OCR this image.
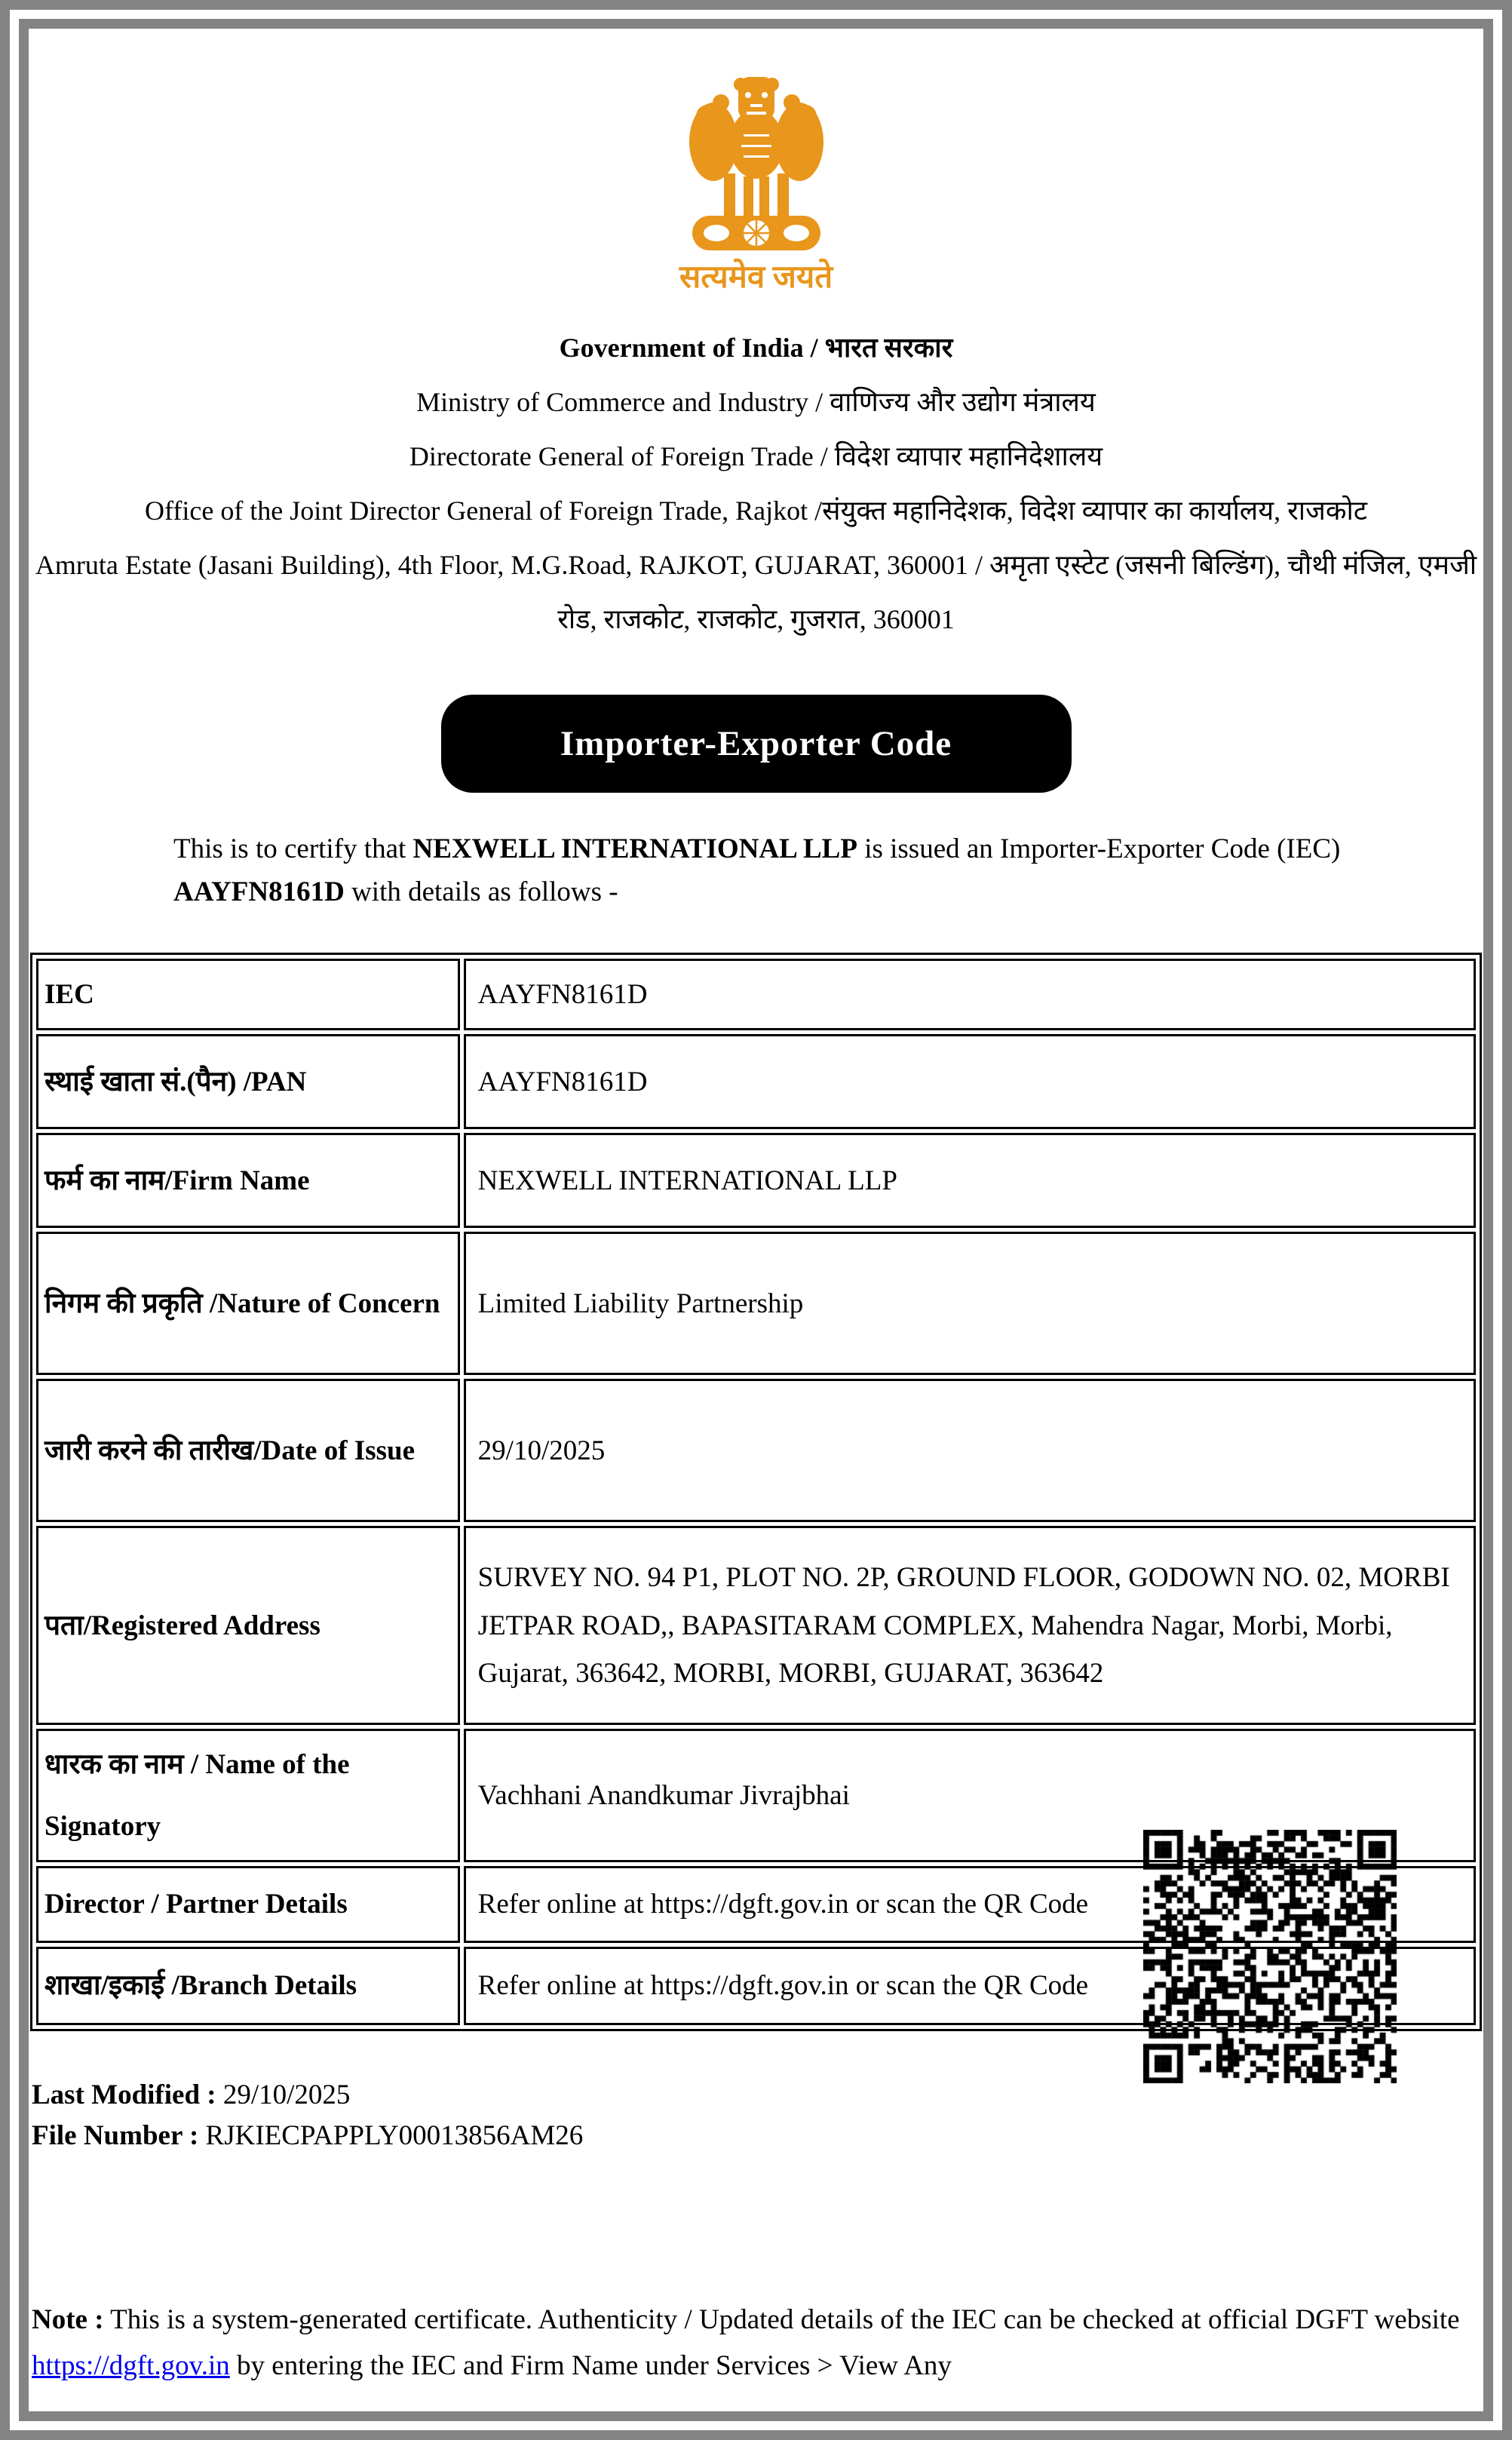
सत्यमेव जयते
Government of India / भारत सरकार
Ministry of Commerce and Industry / वाणिज्य और उद्योग मंत्रालय
Directorate General of Foreign Trade / विदेश व्यापार महानिदेशालय
Office of the Joint Director General of Foreign Trade, Rajkot /संयुक्त महानिदेशक, विदेश व्यापार का कार्यालय, राजकोट
Amruta Estate (Jasani Building), 4th Floor, M.G.Road, RAJKOT, GUJARAT, 360001 / अमृता एस्टेट (जसनी बिल्डिंग), चौथी मंजिल, एमजी रोड, राजकोट, राजकोट, गुजरात, 360001
Importer-Exporter Code
This is to certify that NEXWELL INTERNATIONAL LLP is issued an Importer-Exporter Code (IEC) AAYFN8161D with details as follows -
IEC	AAYFN8161D
स्थाई खाता सं.(पैन) /PAN	AAYFN8161D
फर्म का नाम/Firm Name	NEXWELL INTERNATIONAL LLP
निगम की प्रकृति /Nature of Concern	Limited Liability Partnership
जारी करने की तारीख/Date of Issue	29/10/2025
पता/Registered Address	SURVEY NO. 94 P1, PLOT NO. 2P, GROUND FLOOR, GODOWN NO. 02, MORBI JETPAR ROAD,, BAPASITARAM COMPLEX, Mahendra Nagar, Morbi, Morbi, Gujarat, 363642, MORBI, MORBI, GUJARAT, 363642
धारक का नाम / Name of the Signatory	Vachhani Anandkumar Jivrajbhai
Director / Partner Details	Refer online at https://dgft.gov.in or scan the QR Code
शाखा/इकाई /Branch Details	Refer online at https://dgft.gov.in or scan the QR Code
Last Modified : 29/10/2025
File Number : RJKIECPAPPLY00013856AM26
Note : This is a system-generated certificate. Authenticity / Updated details of the IEC can be checked at official DGFT website https://dgft.gov.in by entering the IEC and Firm Name under Services > View Any
